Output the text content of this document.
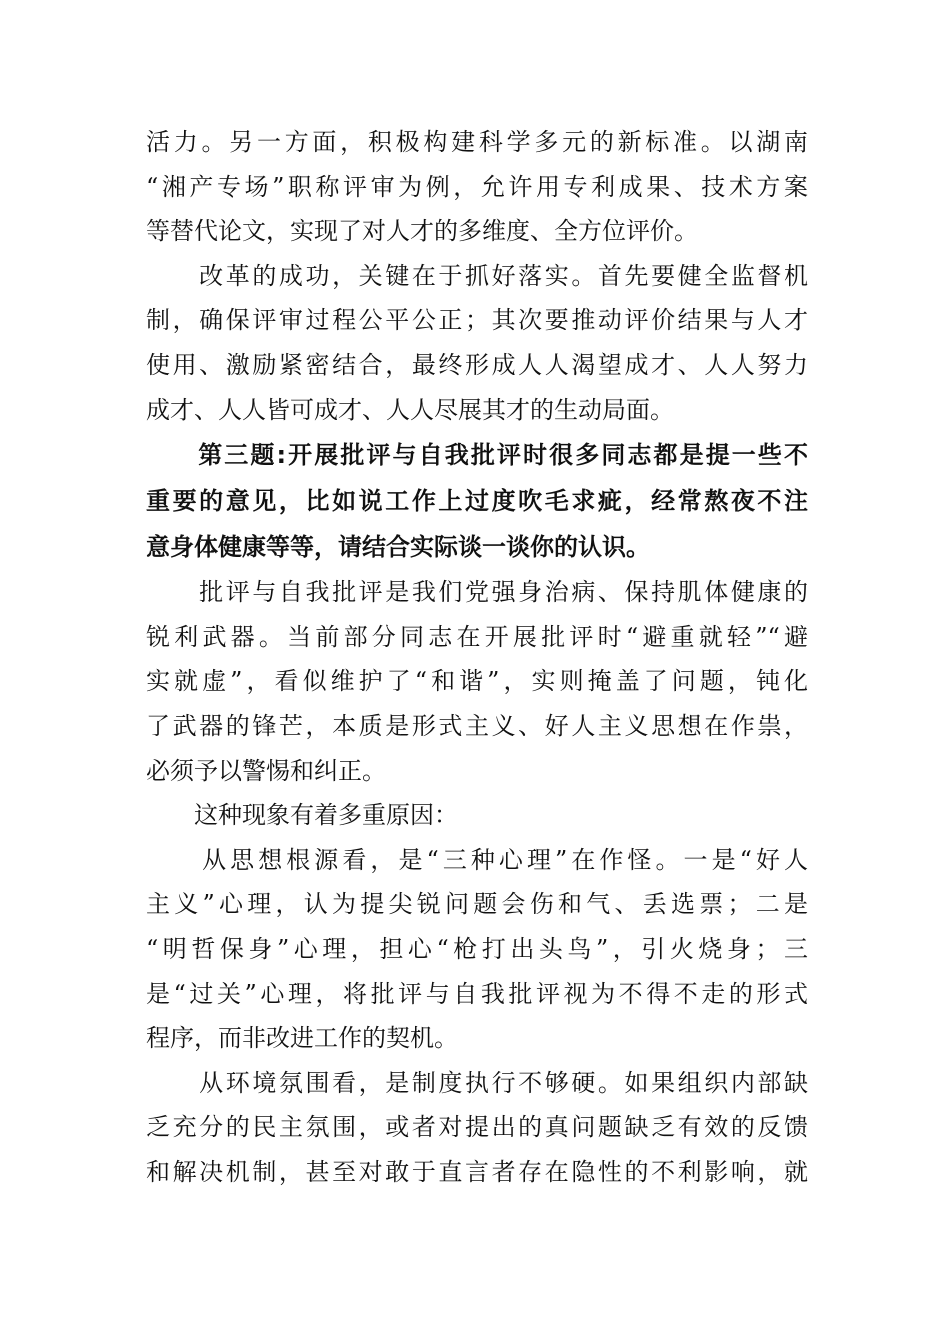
活力。另一方面，积极构建科学多元的新标准。以湖南
“湘产专场”职称评审为例，允许用专利成果、技术方案
等替代论文，实现了对人才的多维度、全方位评价。
　　改革的成功，关键在于抓好落实。首先要健全监督机
制，确保评审过程公平公正；其次要推动评价结果与人才
使用、激励紧密结合，最终形成人人渴望成才、人人努力
成才、人人皆可成才、人人尽展其才的生动局面。
　　第三题:开展批评与自我批评时很多同志都是提一些不
重要的意见，比如说工作上过度吹毛求疵，经常熬夜不注
意身体健康等等，请结合实际谈一谈你的认识。
　　批评与自我批评是我们党强身治病、保持肌体健康的
锐利武器。当前部分同志在开展批评时“避重就轻”“避
实就虚”，看似维护了“和谐”，实则掩盖了问题，钝化
了武器的锋芒，本质是形式主义、好人主义思想在作祟，
必须予以警惕和纠正。
　　这种现象有着多重原因：
　　从思想根源看，是“三种心理”在作怪。一是“好人
主义”心理，认为提尖锐问题会伤和气、丢选票；二是
“明哲保身”心理，担心“枪打出头鸟”，引火烧身；三
是“过关”心理，将批评与自我批评视为不得不走的形式
程序，而非改进工作的契机。
　　从环境氛围看，是制度执行不够硬。如果组织内部缺
乏充分的民主氛围，或者对提出的真问题缺乏有效的反馈
和解决机制，甚至对敢于直言者存在隐性的不利影响，就
